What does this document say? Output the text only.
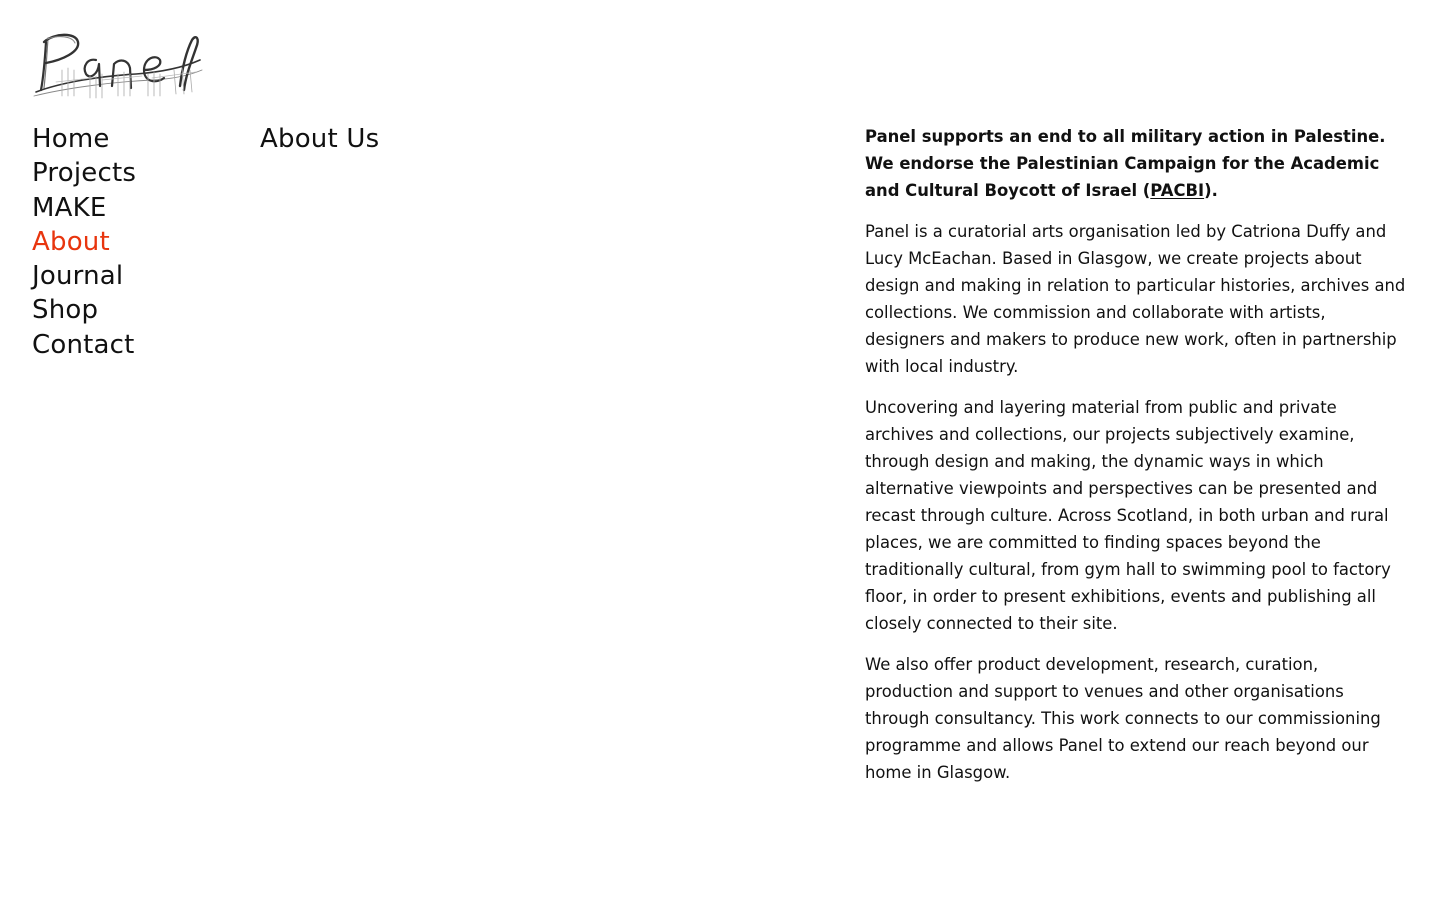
Home
Projects
MAKE
About
Journal
Shop
Contact
About Us	Panel supports an end to all military action in Palestine. We endorse the Palestinian Campaign for the Academic and Cultural Boycott of Israel (PACBI).

Panel is a curatorial arts organisation led by Catriona Duffy and Lucy McEachan. Based in Glasgow, we create projects about design and making in relation to particular histories, archives and collections. We commission and collaborate with artists, designers and makers to produce new work, often in partnership with local industry.

Uncovering and layering material from public and private archives and collections, our projects subjectively examine, through design and making, the dynamic ways in which alternative viewpoints and perspectives can be presented and recast through culture. Across Scotland, in both urban and rural places, we are committed to finding spaces beyond the traditionally cultural, from gym hall to swimming pool to factory floor, in order to present exhibitions, events and publishing all closely connected to their site.

We also offer product development, research, curation, production and support to venues and other organisations through consultancy. This work connects to our commissioning programme and allows Panel to extend our reach beyond our home in Glasgow.
